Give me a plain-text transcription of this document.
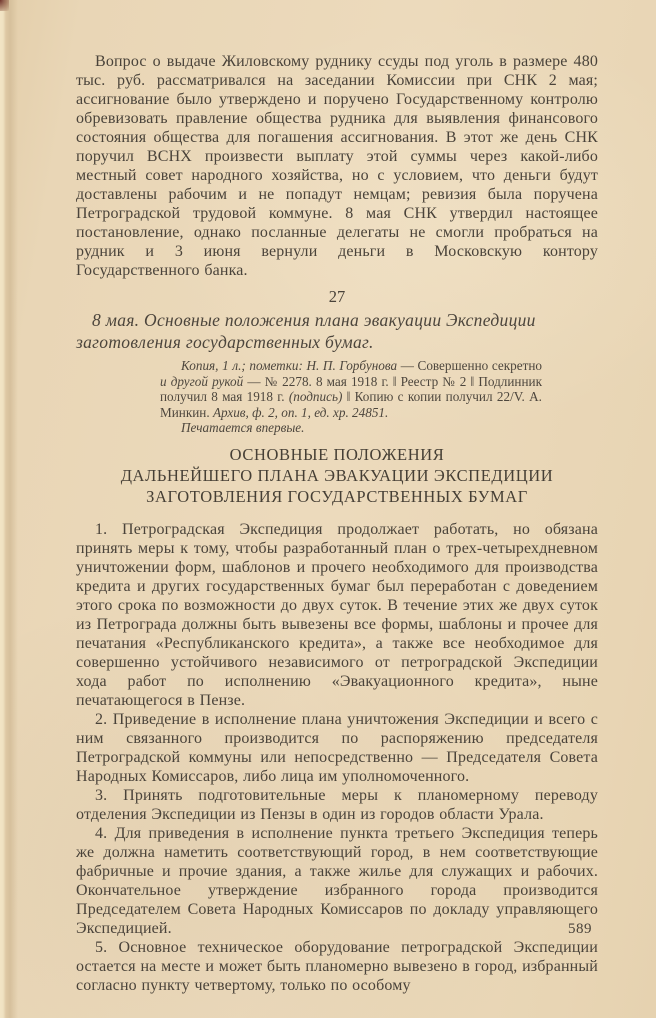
Вопрос о выдаче Жиловскому руднику ссуды под уголь в размере 480 тыс. руб. рассматривался на заседании Комиссии при СНК 2 мая; ассигнование было утверждено и поручено Государственному контролю обревизовать правление общества рудника для выявления финансового состояния общества для погашения ассигнования. В этот же день СНК поручил ВСНХ произвести выплату этой суммы через какой-либо местный совет народного хозяйства, но с условием, что деньги будут доставлены рабочим и не попадут немцам; ревизия была поручена Петроградской трудовой коммуне. 8 мая СНК утвердил настоящее постановление, однако посланные делегаты не смогли пробраться на рудник и 3 июня вернули деньги в Московскую контору Государственного банка.

27

8 мая. Основные положения плана эвакуации Экспедиции заготовления государственных бумаг.

Копия, 1 л.; пометки: Н. П. Горбунова — Совершенно секретно и другой рукой — № 2278. 8 мая 1918 г. ‖ Реестр № 2 ‖ Подлинник получил 8 мая 1918 г. (подпись) ‖ Копию с копии получил 22/V. А. Минкин. Архив, ф. 2, оп. 1, ед. хр. 24851.

Печатается впервые.

ОСНОВНЫЕ ПОЛОЖЕНИЯ
ДАЛЬНЕЙШЕГО ПЛАНА ЭВАКУАЦИИ ЭКСПЕДИЦИИ
ЗАГОТОВЛЕНИЯ ГОСУДАРСТВЕННЫХ БУМАГ

1. Петроградская Экспедиция продолжает работать, но обязана принять меры к тому, чтобы разработанный план о трех-четырехдневном уничтожении форм, шаблонов и прочего необходимого для производства кредита и других государственных бумаг был переработан с доведением этого срока по возможности до двух суток. В течение этих же двух суток из Петрограда должны быть вывезены все формы, шаблоны и прочее для печатания «Республиканского кредита», а также все необходимое для совершенно устойчивого независимого от петроградской Экспедиции хода работ по исполнению «Эвакуационного кредита», ныне печатающегося в Пензе.

2. Приведение в исполнение плана уничтожения Экспедиции и всего с ним связанного производится по распоряжению председателя Петроградской коммуны или непосредственно — Председателя Совета Народных Комиссаров, либо лица им уполномоченного.

3. Принять подготовительные меры к планомерному переводу отделения Экспедиции из Пензы в один из городов области Урала.

4. Для приведения в исполнение пункта третьего Экспедиция теперь же должна наметить соответствующий город, в нем соответствующие фабричные и прочие здания, а также жилье для служащих и рабочих. Окончательное утверждение избранного города производится Председателем Совета Народных Комиссаров по докладу управляющего Экспедицией.

5. Основное техническое оборудование петроградской Экспедиции остается на месте и может быть планомерно вывезено в город, избранный согласно пункту четвертому, только по особому

589
